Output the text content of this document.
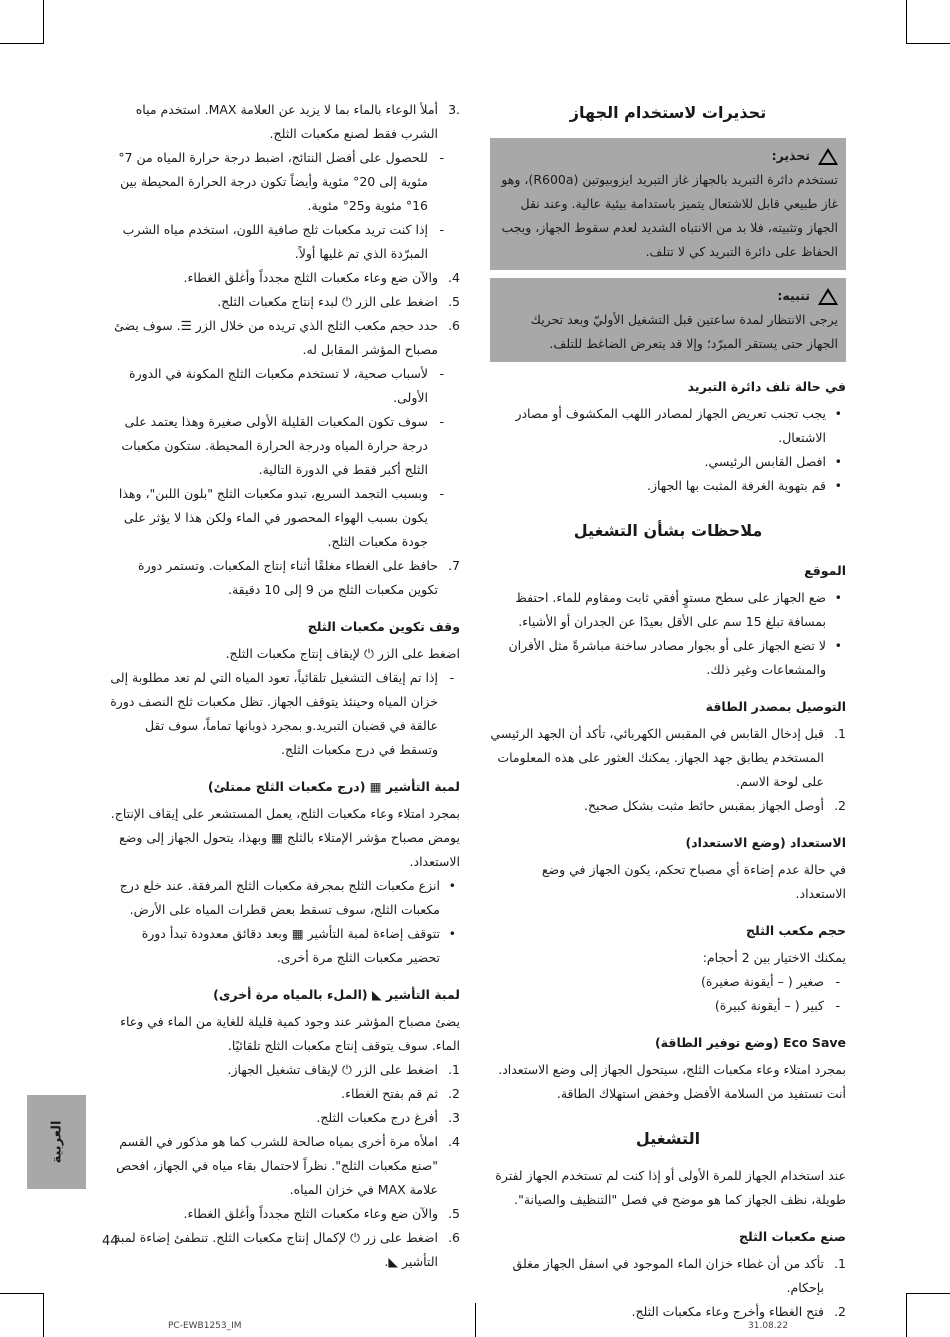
تحذيرات لاستخدام الجهاز
تحذير:

تستخدم دائرة التبريد بالجهاز غاز التبريد ايزوبيوتين (R600a)، وهو غاز طبيعي قابل للاشتعال يتميز باستدامة بيئية عالية. وعند نقل الجهاز وتثبيته، فلا بد من الانتباه الشديد لعدم سقوط الجهاز، ويجب الحفاظ على دائرة التبريد كي لا تتلف.

تنبيه:

يرجى الانتظار لمدة ساعتين قبل التشغيل الأوليّ وبعد تحريك الجهاز حتى يستقر المبرّد؛ وإلا قد يتعرض الضاغط للتلف.

في حالة تلف دائرة التبريد

• يجب تجنب تعريض الجهاز لمصادر اللهب المكشوف أو مصادر الاشتعال.

• افصل القابس الرئيسي.

• قم بتهوية الغرفة المثبت بها الجهاز.

ملاحظات بشأن التشغيل
الموقع

• ضع الجهاز على سطح مستوٍ أفقي ثابت ومقاوم للماء. احتفظ بمسافة تبلغ 15 سم على الأقل بعيدًا عن الجدران أو الأشياء.

• لا تضع الجهاز على أو بجوار مصادر ساخنة مباشرةً مثل الأفران والمشعاعات وغير ذلك.

التوصيل بمصدر الطاقة

1.
قبل إدخال القابس في المقبس الكهربائي، تأكد أن الجهد الرئيسي المستخدم يطابق جهد الجهاز. يمكنك العثور على هذه المعلومات على لوحة الاسم.

2.
أوصل الجهاز بمقبس حائط مثبت بشكل صحيح.

الاستعداد (وضع الاستعداد)

في حالة عدم إضاءة أي مصباح تحكم، يكون الجهاز في وضع الاستعداد.

حجم مكعب الثلج

يمكنك الاختيار بين 2 أحجام:

- صغير ( – أيقونة صغيرة)

- كبير ( – أيقونة كبيرة)

Eco Save (وضع توفير الطاقة)

بمجرد امتلاء وعاء مكعبات الثلج، سيتحول الجهاز إلى وضع الاستعداد. أنت تستفيد من السلامة الأفضل وخفض استهلاك الطاقة.

التشغيل

عند استخدام الجهاز للمرة الأولى أو إذا كنت لم تستخدم الجهاز لفترة طويلة، نظف الجهاز كما هو موضح في فصل "التنظيف والصيانة".

صنع مكعبات الثلج

1.
تأكد من أن غطاء خزان الماء الموجود في اسفل الجهاز مغلق بإحكام.

2.
فتح الغطاء وأخرج وعاء مكعبات الثلج.

.3
أملأ الوعاء بالماء بما لا يزيد عن العلامة MAX. استخدم مياه الشرب فقط لصنع مكعبات الثلج.

- للحصول على أفضل النتائج، اضبط درجة حرارة المياه من 7° مئوية إلى 20° مئوية وأيضاً تكون درجة الحرارة المحيطة بين 16° مئوية و25° مئوية.

- إذا كنت تريد مكعبات ثلج صافية اللون، استخدم مياه الشرب المبرّدة الذي تم غليها أولاً.

4.
والآن ضع وعاء مكعبات الثلج مجدداً وأغلق الغطاء.

5.
اضغط على الزر ⏻ لبدء إنتاج مكعبات الثلج.

6.
حدد حجم مكعب الثلج الذي تريده من خلال الزر ☰. سوف يضئ مصباح المؤشر المقابل له.

- لأسباب صحية، لا تستخدم مكعبات الثلج المكونة في الدورة الأولى.

- سوف تكون المكعبات القليلة الأولى صغيرة وهذا يعتمد على درجة حرارة المياه ودرجة الحرارة المحيطة. ستكون مكعبات الثلج أكبر فقط في الدورة التالية.

- وبسبب التجمد السريع، تبدو مكعبات الثلج "بلون اللبن"، وهذا يكون بسبب الهواء المحصور في الماء ولكن هذا لا يؤثر على جودة مكعبات الثلج.

7.
حافظ على الغطاء مغلقًا أثناء إنتاج المكعبات. وتستمر دورة تكوين مكعبات الثلج من 9 إلى 10 دقيقة.

وقف تكوين مكعبات الثلج

اضغط على الزر ⏻ لإيقاف إنتاج مكعبات الثلج.

- إذا تم إيقاف التشغيل تلقائياً، تعود المياه التي لم تعد مطلوبة إلى خزان المياه وحينئذ يتوقف الجهاز. تظل مكعبات ثلج النصف دورة عالقة في قضبان التبريد.و بمجرد ذوبانها تماماً، سوف تقل وتسقط في درج مكعبات الثلج.

لمبة التأشير ▦ (درج مكعبات الثلج ممتلئ)

بمجرد امتلاء وعاء مكعبات الثلج، يعمل المستشعر على إيقاف الإنتاج. يومض مصباح مؤشر الإمتلاء بالثلج ▦ وبهذا، يتحول الجهاز إلى وضع الاستعداد.

• انزع مكعبات الثلج بمجرفة مكعبات الثلج المرفقة. عند خلع درج مكعبات الثلج، سوف تسقط بعض قطرات المياه على الأرض.

• تتوقف إضاءة لمبة التأشير ▦ وبعد دقائق معدودة تبدأ دورة تحضير مكعبات الثلج مرة أخرى.

لمبة التأشير ◣ (الملء بالمياه مرة أخرى)

يضئ مصباح المؤشر عند وجود كمية قليلة للغاية من الماء في وعاء الماء. سوف يتوقف إنتاج مكعبات الثلج تلقائيًا.

1.
اضغط على الزر ⏻ لإيقاف تشغيل الجهاز.

2.
ثم قم بفتح الغطاء.

3.
أفرغ درج مكعبات الثلج.

4.
املأه مرة أخرى بمياه صالحة للشرب كما هو مذكور في القسم "صنع مكعبات الثلج". نظراً لاحتمال بقاء مياه في الجهاز، افحص علامة MAX في خزان المياه.

5.
والآن ضع وعاء مكعبات الثلج مجدداً وأغلق الغطاء.

6.
اضغط على زر ⏻ لإكمال إنتاج مكعبات الثلج. تنطفئ إضاءة لمبة التأشير ◣.

العربية
44
PC-EWB1253_IM	31.08.22
